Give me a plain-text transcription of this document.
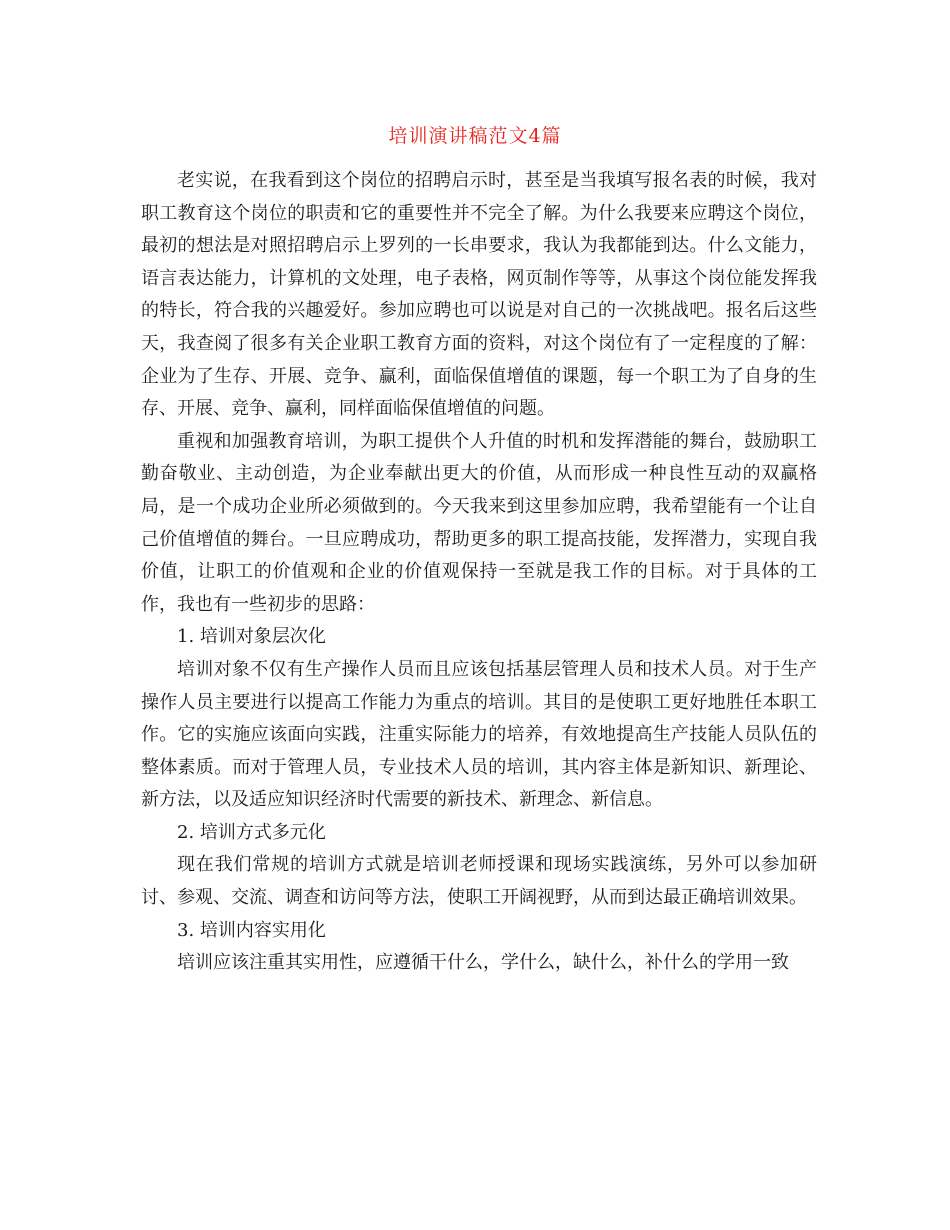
培训演讲稿范文4篇

老实说，在我看到这个岗位的招聘启示时，甚至是当我填写报名表的时候，我对职工教育这个岗位的职责和它的重要性并不完全了解。为什么我要来应聘这个岗位，最初的想法是对照招聘启示上罗列的一长串要求，我认为我都能到达。什么文能力，语言表达能力，计算机的文处理，电子表格，网页制作等等，从事这个岗位能发挥我的特长，符合我的兴趣爱好。参加应聘也可以说是对自己的一次挑战吧。报名后这些天，我查阅了很多有关企业职工教育方面的资料，对这个岗位有了一定程度的了解：企业为了生存、开展、竞争、赢利，面临保值增值的课题，每一个职工为了自身的生存、开展、竞争、赢利，同样面临保值增值的问题。

重视和加强教育培训，为职工提供个人升值的时机和发挥潜能的舞台，鼓励职工勤奋敬业、主动创造，为企业奉献出更大的价值，从而形成一种良性互动的双赢格局，是一个成功企业所必须做到的。今天我来到这里参加应聘，我希望能有一个让自己价值增值的舞台。一旦应聘成功，帮助更多的职工提高技能，发挥潜力，实现自我价值，让职工的价值观和企业的价值观保持一至就是我工作的目标。对于具体的工作，我也有一些初步的思路：

1. 培训对象层次化

培训对象不仅有生产操作人员而且应该包括基层管理人员和技术人员。对于生产操作人员主要进行以提高工作能力为重点的培训。其目的是使职工更好地胜任本职工作。它的实施应该面向实践，注重实际能力的培养，有效地提高生产技能人员队伍的整体素质。而对于管理人员，专业技术人员的培训，其内容主体是新知识、新理论、新方法，以及适应知识经济时代需要的新技术、新理念、新信息。

2. 培训方式多元化

现在我们常规的培训方式就是培训老师授课和现场实践演练，另外可以参加研讨、参观、交流、调查和访问等方法，使职工开阔视野，从而到达最正确培训效果。

3. 培训内容实用化

培训应该注重其实用性，应遵循干什么，学什么，缺什么，补什么的学用一致
